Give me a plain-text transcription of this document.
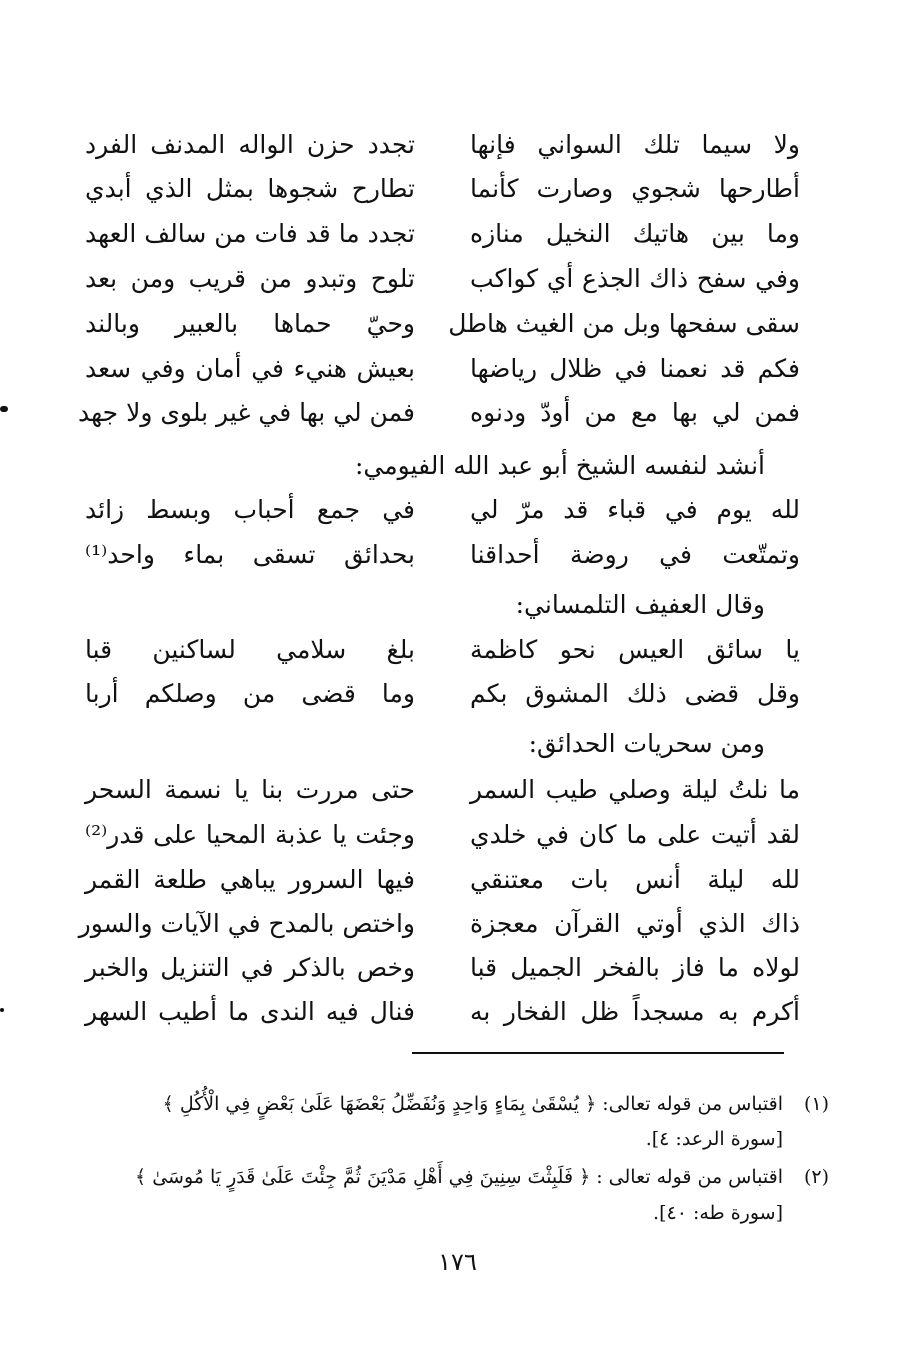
ولا سيما تلك السواني فإنها
تجدد حزن الواله المدنف الفرد
أطارحها شجوي وصارت كأنما
تطارح شجوها بمثل الذي أبدي
وما بين هاتيك النخيل منازه
تجدد ما قد فات من سالف العهد
وفي سفح ذاك الجذع أي كواكب
تلوح وتبدو من قريب ومن بعد
سقى سفحها وبل من الغيث هاطل
وحيّ حماها بالعبير وبالند
فكم قد نعمنا في ظلال رياضها
بعيش هنيء في أمان وفي سعد
فمن لي بها مع من أودّ ودنوه
فمن لي بها في غير بلوى ولا جهد
أنشد لنفسه الشيخ أبو عبد الله الفيومي:
لله يوم في قباء قد مرّ لي
في جمع أحباب وبسط زائد
وتمتّعت في روضة أحداقنا
بحدائق تسقى بماء واحد⁽¹⁾
وقال العفيف التلمساني:
يا سائق العيس نحو كاظمة
بلغ سلامي لساكنين قبا
وقل قضى ذلك المشوق بكم
وما قضى من وصلكم أربا
ومن سحريات الحدائق:
ما نلتُ ليلة وصلي طيب السمر
حتى مررت بنا يا نسمة السحر
لقد أتيت على ما كان في خلدي
وجئت يا عذبة المحيا على قدر⁽²⁾
لله ليلة أنس بات معتنقي
فيها السرور يباهي طلعة القمر
ذاك الذي أوتي القرآن معجزة
واختص بالمدح في الآيات والسور
لولاه ما فاز بالفخر الجميل قبا
وخص بالذكر في التنزيل والخبر
أكرم به مسجداً ظل الفخار به
فنال فيه الندى ما أطيب السهر
(١)
اقتباس من قوله تعالى: ﴿ يُسْقَىٰ بِمَاءٍ وَاحِدٍ وَنُفَضِّلُ بَعْضَهَا عَلَىٰ بَعْضٍ فِي الْأُكُلِ ﴾
[سورة الرعد: ٤].
(٢)
اقتباس من قوله تعالى : ﴿ فَلَبِثْتَ سِنِينَ فِي أَهْلِ مَدْيَنَ ثُمَّ جِئْتَ عَلَىٰ قَدَرٍ يَا مُوسَىٰ ﴾
[سورة طه: ٤٠].
١٧٦
